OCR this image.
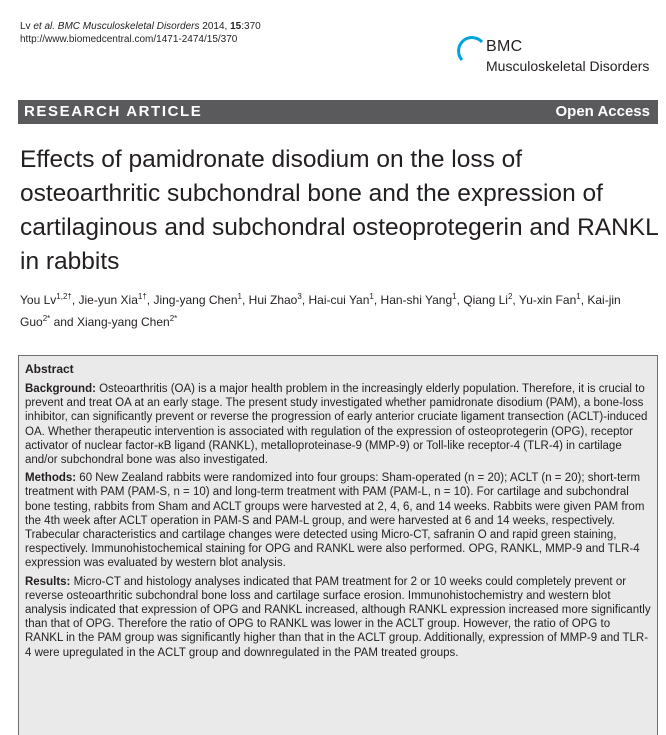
Lv et al. BMC Musculoskeletal Disorders 2014, 15:370
http://www.biomedcentral.com/1471-2474/15/370	BMC
Musculoskeletal Disorders
RESEARCH ARTICLE	Open Access
Effects of pamidronate disodium on the loss of osteoarthritic subchondral bone and the expression of cartilaginous and subchondral osteoprotegerin and RANKL in rabbits
You $Lv^{1,2\dagger}$, Jie-yun Xia$^{1\dagger}$, Jing-yang Chen$^1$, Hui Zhao$^3$, Hai-cui Yan$^1$, Han-shi Yang$^1$, Qiang Li$^2$, Yu-xin Fan$^1$, Kai-jin Guo$^{2*}$ and Xiang-yang Chen$^{2*}$
Abstract

Background: Osteoarthritis (OA) is a major health problem in the increasingly elderly population. Therefore, it is crucial to prevent and treat OA at an early stage. The present study investigated whether pamidronate disodium (PAM), a bone-loss inhibitor, can significantly prevent or reverse the progression of early anterior cruciate ligament transection (ACLT)-induced OA. Whether therapeutic intervention is associated with regulation of the expression of osteoprotegerin (OPG), receptor activator of nuclear factor-κB ligand (RANKL), metalloproteinase-9 (MMP-9) or Toll-like receptor-4 (TLR-4) in cartilage and/or subchondral bone was also investigated.

Methods: 60 New Zealand rabbits were randomized into four groups: Sham-operated (n = 20); ACLT (n = 20); short-term treatment with PAM (PAM-S, n = 10) and long-term treatment with PAM (PAM-L, n = 10). For cartilage and subchondral bone testing, rabbits from Sham and ACLT groups were harvested at 2, 4, 6, and 14 weeks. Rabbits were given PAM from the 4th week after ACLT operation in PAM-S and PAM-L group, and were harvested at 6 and 14 weeks, respectively. Trabecular characteristics and cartilage changes were detected using Micro-CT, safranin O and rapid green staining, respectively. Immunohistochemical staining for OPG and RANKL were also performed. OPG, RANKL, MMP-9 and TLR-4 expression was evaluated by western blot analysis.

Results: Micro-CT and histology analyses indicated that PAM treatment for 2 or 10 weeks could completely prevent or reverse osteoarthritic subchondral bone loss and cartilage surface erosion. Immunohistochemistry and western blot analysis indicated that expression of OPG and RANKL increased, although RANKL expression increased more significantly than that of OPG. Therefore the ratio of OPG to RANKL was lower in the ACLT group. However, the ratio of OPG to RANKL in the PAM group was significantly higher than that in the ACLT group. Additionally, expression of MMP-9 and TLR-4 were upregulated in the ACLT group and downregulated in the PAM treated groups.
